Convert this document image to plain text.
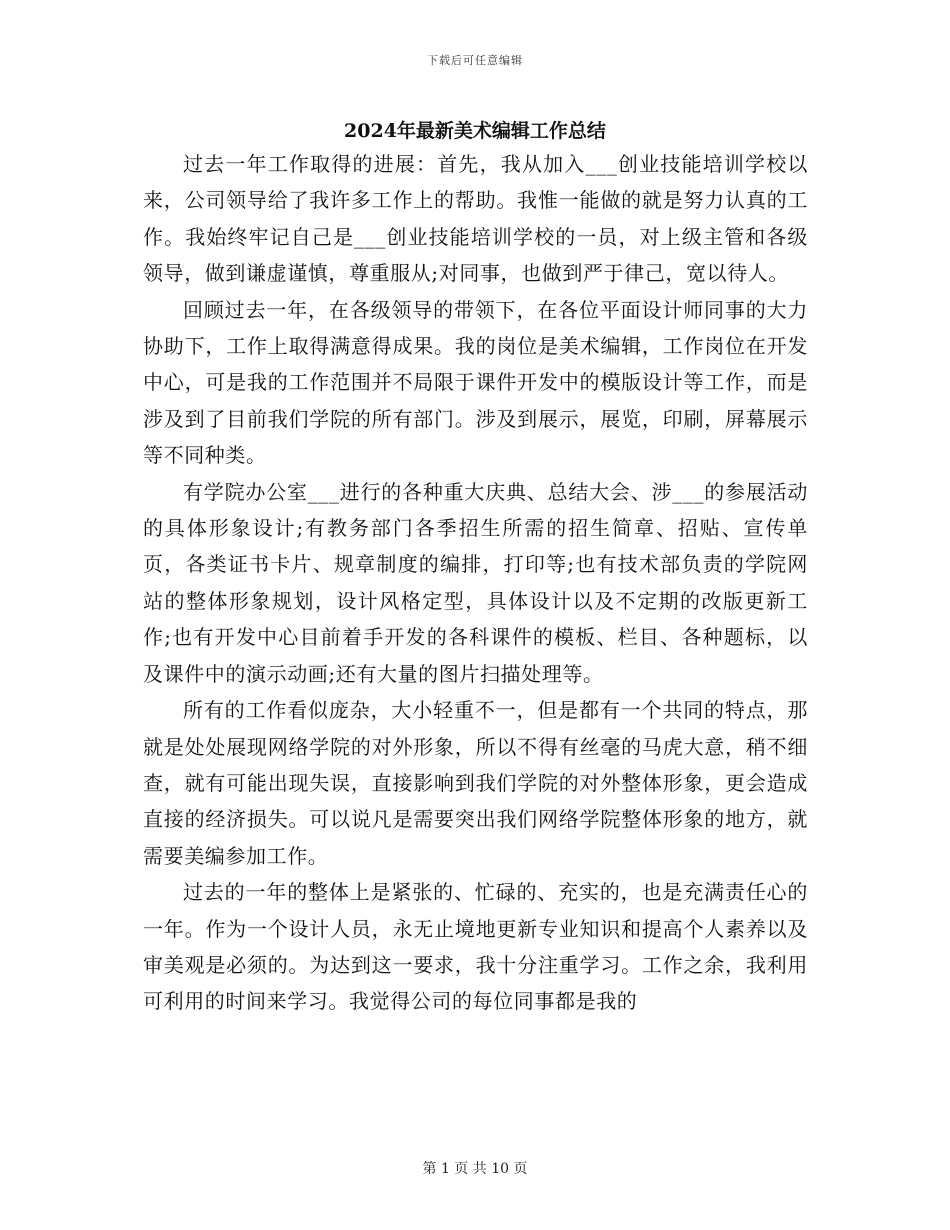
下载后可任意编辑
2024年最新美术编辑工作总结

过去一年工作取得的进展：首先，我从加入___创业技能培训学校以来，公司领导给了我许多工作上的帮助。我惟一能做的就是努力认真的工作。我始终牢记自己是___创业技能培训学校的一员，对上级主管和各级领导，做到谦虚谨慎，尊重服从;对同事，也做到严于律己，宽以待人。

回顾过去一年，在各级领导的带领下，在各位平面设计师同事的大力协助下，工作上取得满意得成果。我的岗位是美术编辑，工作岗位在开发中心，可是我的工作范围并不局限于课件开发中的模版设计等工作，而是涉及到了目前我们学院的所有部门。涉及到展示，展览，印刷，屏幕展示等不同种类。

有学院办公室___进行的各种重大庆典、总结大会、涉___的参展活动的具体形象设计;有教务部门各季招生所需的招生简章、招贴、宣传单页，各类证书卡片、规章制度的编排，打印等;也有技术部负责的学院网站的整体形象规划，设计风格定型，具体设计以及不定期的改版更新工作;也有开发中心目前着手开发的各科课件的模板、栏目、各种题标，以及课件中的演示动画;还有大量的图片扫描处理等。

所有的工作看似庞杂，大小轻重不一，但是都有一个共同的特点，那就是处处展现网络学院的对外形象，所以不得有丝毫的马虎大意，稍不细查，就有可能出现失误，直接影响到我们学院的对外整体形象，更会造成直接的经济损失。可以说凡是需要突出我们网络学院整体形象的地方，就需要美编参加工作。

过去的一年的整体上是紧张的、忙碌的、充实的，也是充满责任心的一年。作为一个设计人员，永无止境地更新专业知识和提高个人素养以及审美观是必须的。为达到这一要求，我十分注重学习。工作之余，我利用可利用的时间来学习。我觉得公司的每位同事都是我的

第 1 页 共 10 页
